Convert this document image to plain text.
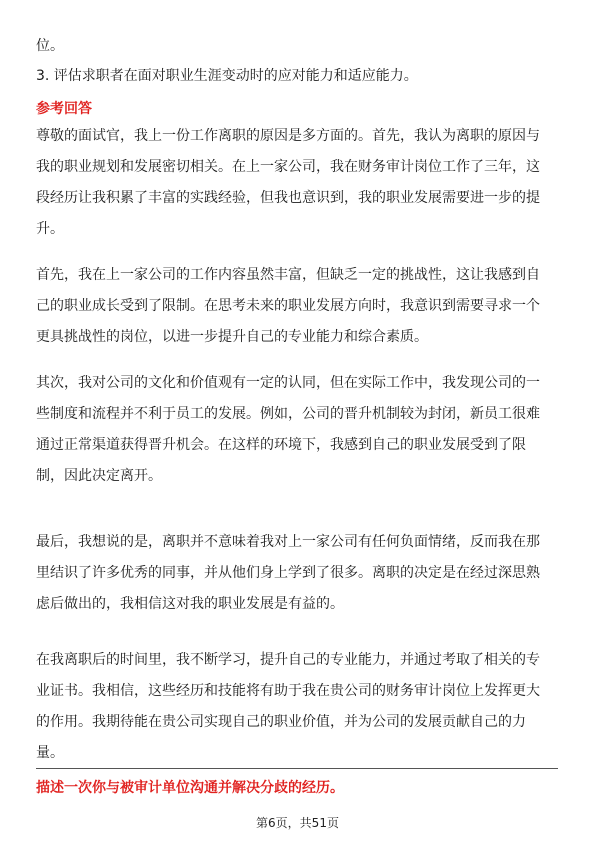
位。
3. 评估求职者在面对职业生涯变动时的应对能力和适应能力。
参考回答
尊敬的面试官，我上一份工作离职的原因是多方面的。首先，我认为离职的原因与
我的职业规划和发展密切相关。在上一家公司，我在财务审计岗位工作了三年，这
段经历让我积累了丰富的实践经验，但我也意识到，我的职业发展需要进一步的提
升。
首先，我在上一家公司的工作内容虽然丰富，但缺乏一定的挑战性，这让我感到自
己的职业成长受到了限制。在思考未来的职业发展方向时，我意识到需要寻求一个
更具挑战性的岗位，以进一步提升自己的专业能力和综合素质。
其次，我对公司的文化和价值观有一定的认同，但在实际工作中，我发现公司的一
些制度和流程并不利于员工的发展。例如，公司的晋升机制较为封闭，新员工很难
通过正常渠道获得晋升机会。在这样的环境下，我感到自己的职业发展受到了限
制，因此决定离开。
最后，我想说的是，离职并不意味着我对上一家公司有任何负面情绪，反而我在那
里结识了许多优秀的同事，并从他们身上学到了很多。离职的决定是在经过深思熟
虑后做出的，我相信这对我的职业发展是有益的。
在我离职后的时间里，我不断学习，提升自己的专业能力，并通过考取了相关的专
业证书。我相信，这些经历和技能将有助于我在贵公司的财务审计岗位上发挥更大
的作用。我期待能在贵公司实现自己的职业价值，并为公司的发展贡献自己的力
量。
描述一次你与被审计单位沟通并解决分歧的经历。
第6页，共51页
